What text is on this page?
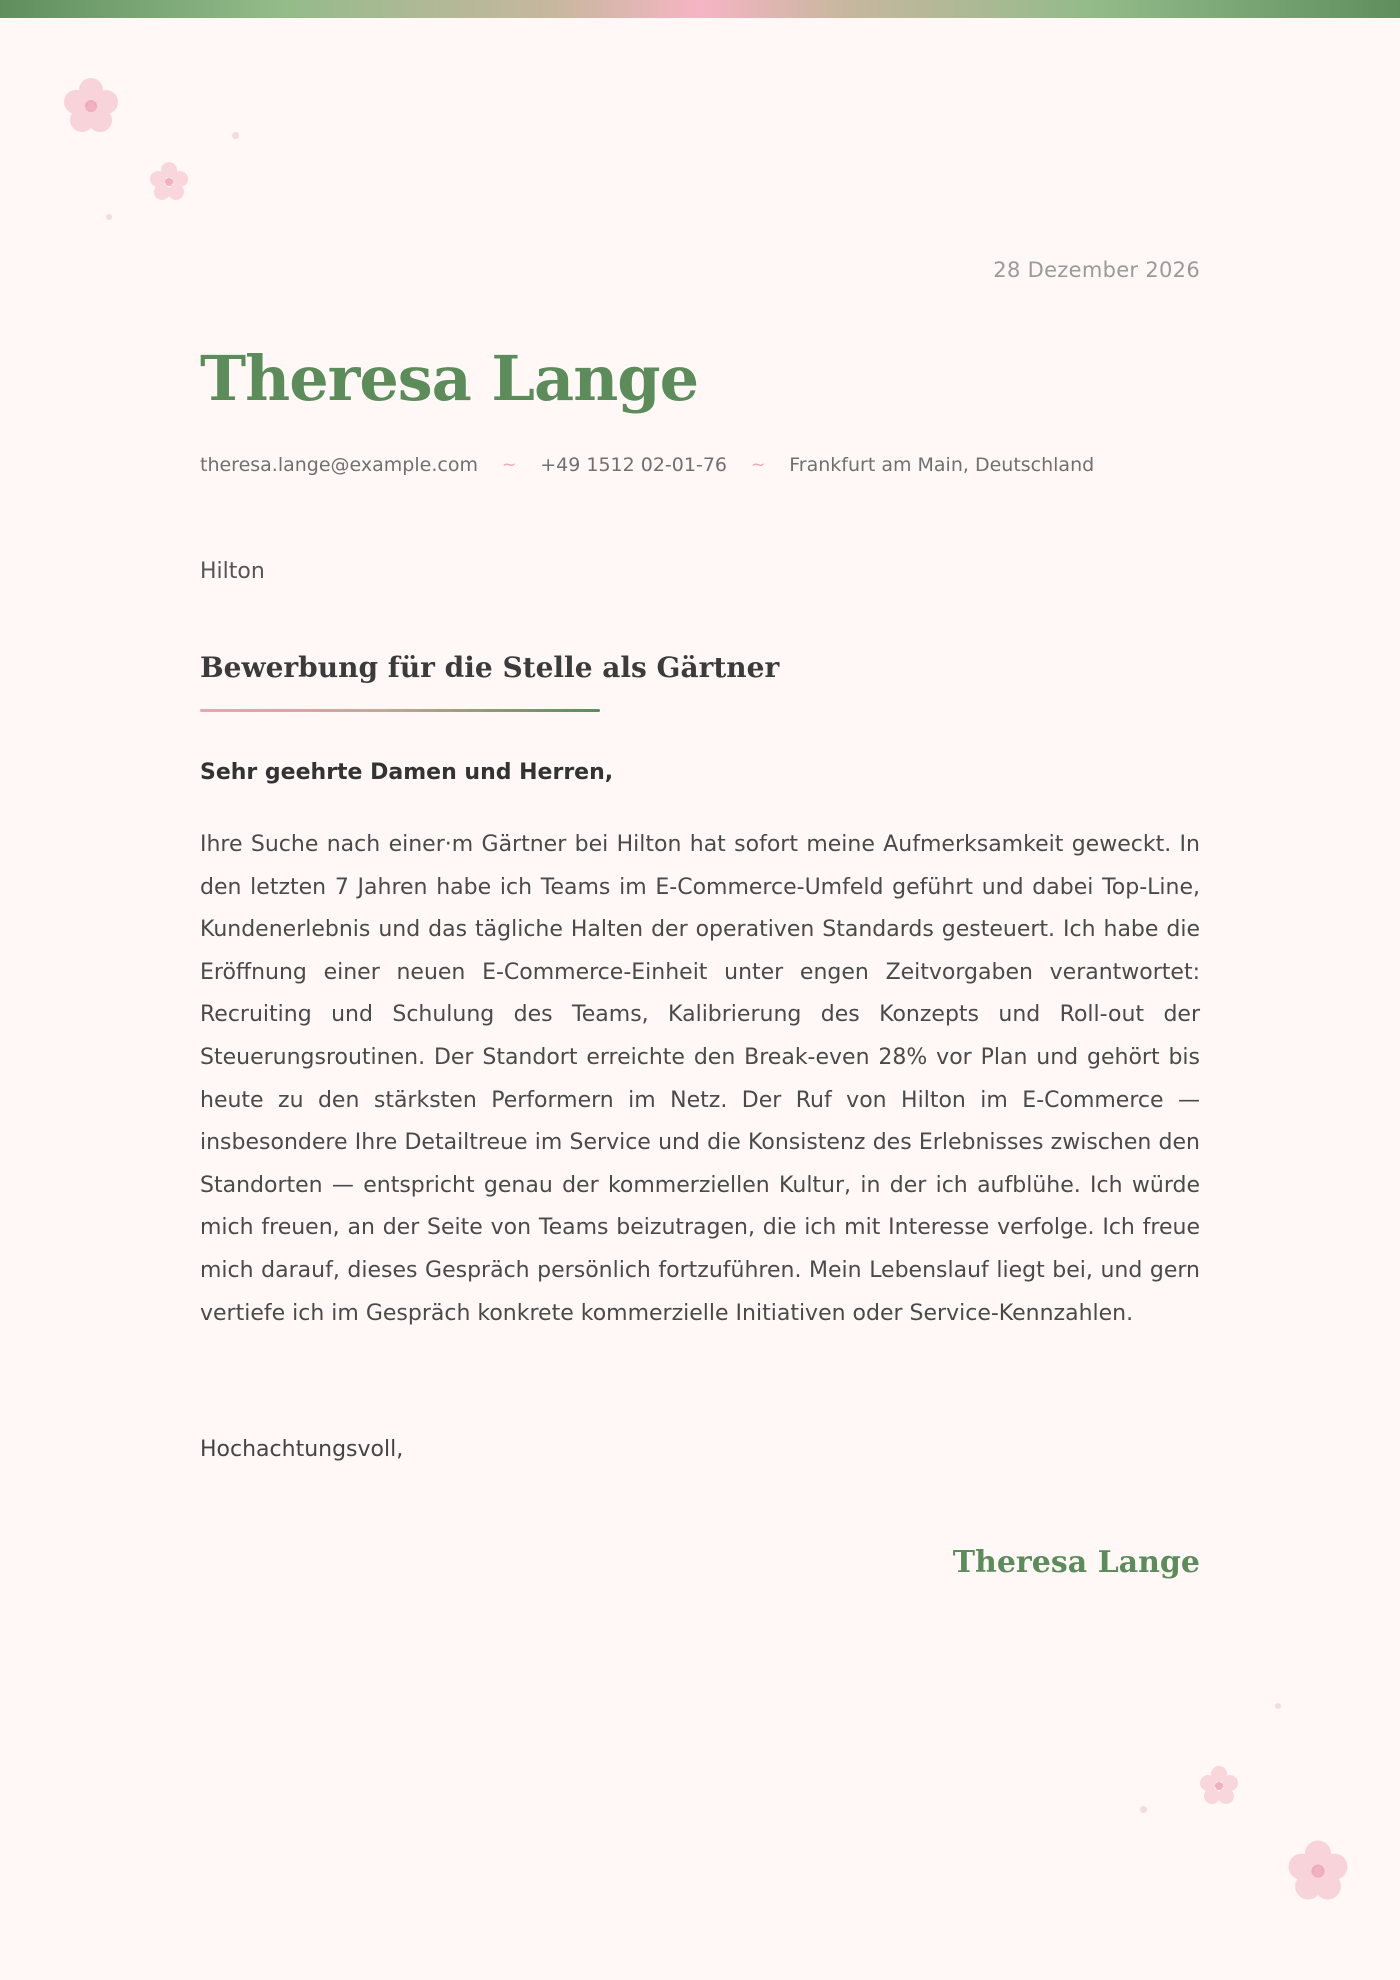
28 Dezember 2026
Theresa Lange
theresa.lange@example.com ~ +49 1512 02-01-76 ~ Frankfurt am Main, Deutschland
Hilton
Bewerbung für die Stelle als Gärtner
Sehr geehrte Damen und Herren,

Ihre Suche nach einer·m Gärtner bei Hilton hat sofort meine Aufmerksamkeit geweckt. In den letzten 7 Jahren habe ich Teams im E-Commerce-Umfeld geführt und dabei Top-Line, Kundenerlebnis und das tägliche Halten der operativen Standards gesteuert. Ich habe die Eröffnung einer neuen E-Commerce-Einheit unter engen Zeitvorgaben verantwortet: Recruiting und Schulung des Teams, Kalibrierung des Konzepts und Roll-out der Steuerungsroutinen. Der Standort erreichte den Break-even 28% vor Plan und gehört bis heute zu den stärksten Performern im Netz. Der Ruf von Hilton im E-Commerce — insbesondere Ihre Detailtreue im Service und die Konsistenz des Erlebnisses zwischen den Standorten — entspricht genau der kommerziellen Kultur, in der ich aufblühe. Ich würde mich freuen, an der Seite von Teams beizutragen, die ich mit Interesse verfolge. Ich freue mich darauf, dieses Gespräch persönlich fortzuführen. Mein Lebenslauf liegt bei, und gern vertiefe ich im Gespräch konkrete kommerzielle Initiativen oder Service-Kennzahlen.

Hochachtungsvoll,
Theresa Lange
